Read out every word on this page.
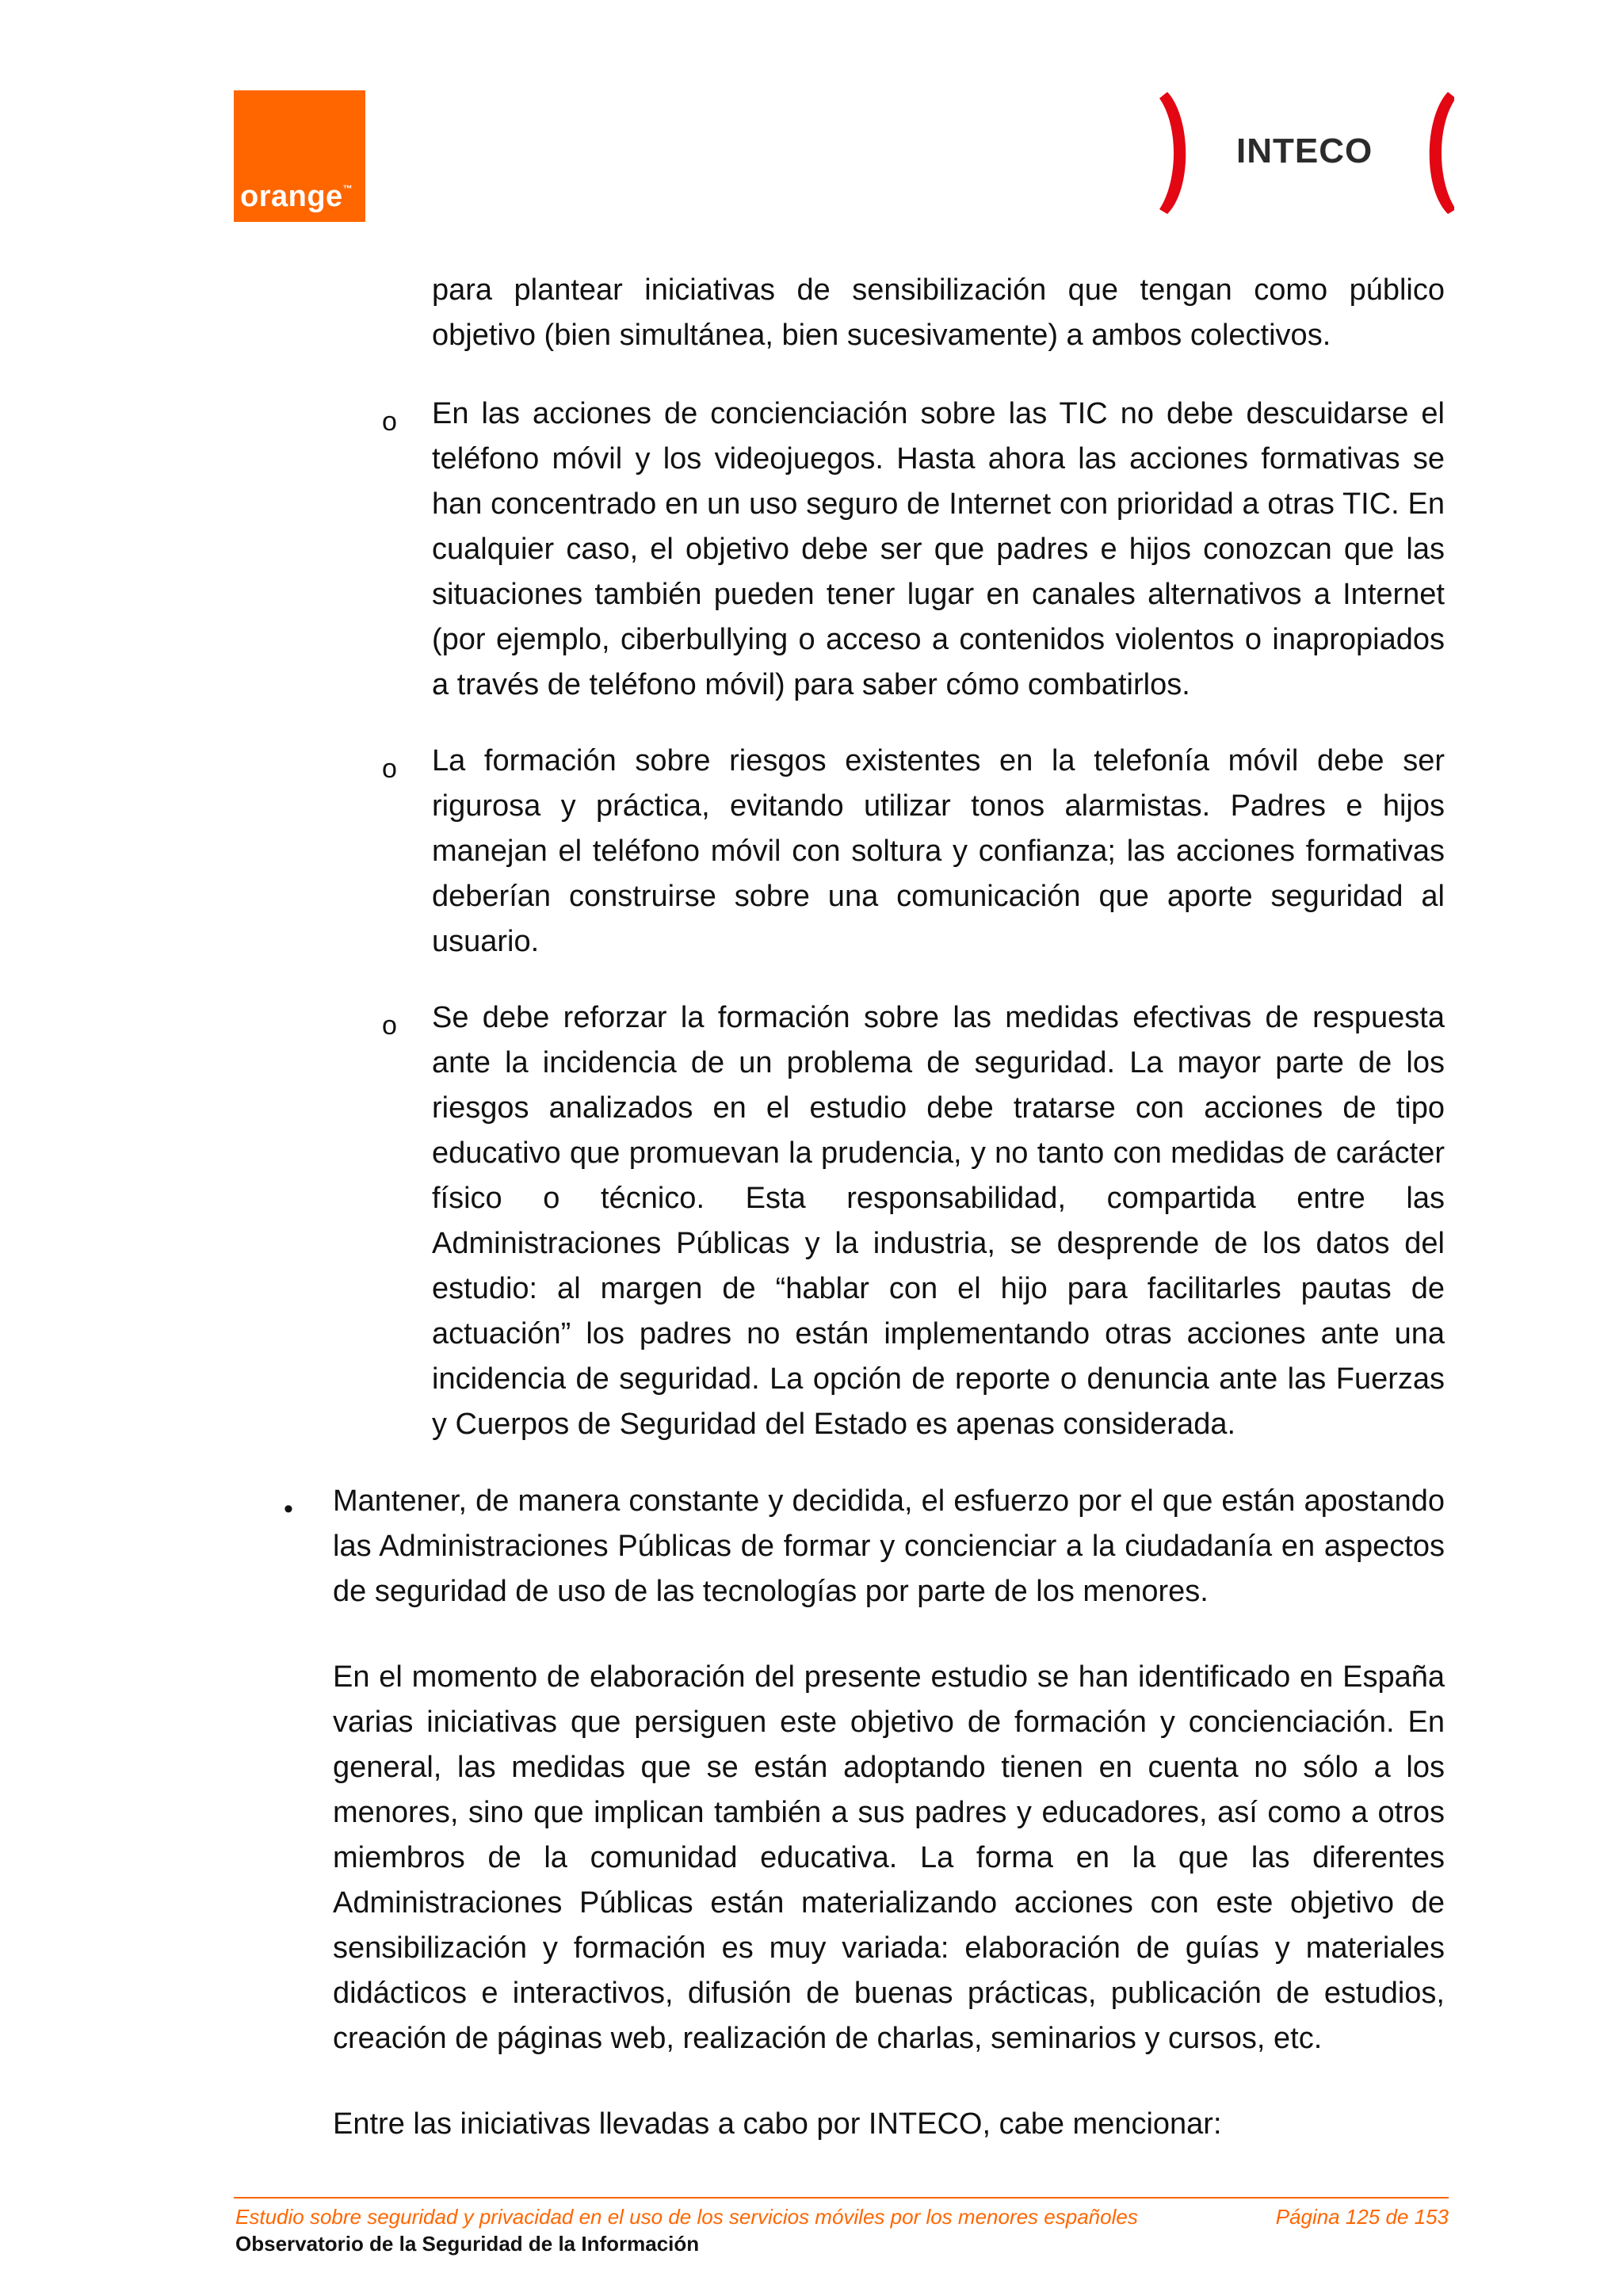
orange™
INTECO

para plantear iniciativas de sensibilización que tengan como público objetivo (bien simultánea, bien sucesivamente) a ambos colectivos.

o En las acciones de concienciación sobre las TIC no debe descuidarse el teléfono móvil y los videojuegos. Hasta ahora las acciones formativas se han concentrado en un uso seguro de Internet con prioridad a otras TIC. En cualquier caso, el objetivo debe ser que padres e hijos conozcan que las situaciones también pueden tener lugar en canales alternativos a Internet (por ejemplo, ciberbullying o acceso a contenidos violentos o inapropiados a través de teléfono móvil) para saber cómo combatirlos.

o La formación sobre riesgos existentes en la telefonía móvil debe ser rigurosa y práctica, evitando utilizar tonos alarmistas. Padres e hijos manejan el teléfono móvil con soltura y confianza; las acciones formativas deberían construirse sobre una comunicación que aporte seguridad al usuario.

o Se debe reforzar la formación sobre las medidas efectivas de respuesta ante la incidencia de un problema de seguridad. La mayor parte de los riesgos analizados en el estudio debe tratarse con acciones de tipo educativo que promuevan la prudencia, y no tanto con medidas de carácter físico o técnico. Esta responsabilidad, compartida entre las Administraciones Públicas y la industria, se desprende de los datos del estudio: al margen de “hablar con el hijo para facilitarles pautas de actuación” los padres no están implementando otras acciones ante una incidencia de seguridad. La opción de reporte o denuncia ante las Fuerzas y Cuerpos de Seguridad del Estado es apenas considerada.

• Mantener, de manera constante y decidida, el esfuerzo por el que están apostando las Administraciones Públicas de formar y concienciar a la ciudadanía en aspectos de seguridad de uso de las tecnologías por parte de los menores.

En el momento de elaboración del presente estudio se han identificado en España varias iniciativas que persiguen este objetivo de formación y concienciación. En general, las medidas que se están adoptando tienen en cuenta no sólo a los menores, sino que implican también a sus padres y educadores, así como a otros miembros de la comunidad educativa. La forma en la que las diferentes Administraciones Públicas están materializando acciones con este objetivo de sensibilización y formación es muy variada: elaboración de guías y materiales didácticos e interactivos, difusión de buenas prácticas, publicación de estudios, creación de páginas web, realización de charlas, seminarios y cursos, etc.

Entre las iniciativas llevadas a cabo por INTECO, cabe mencionar:

Estudio sobre seguridad y privacidad en el uso de los servicios móviles por los menores españoles	Página 125 de 153
Observatorio de la Seguridad de la Información
